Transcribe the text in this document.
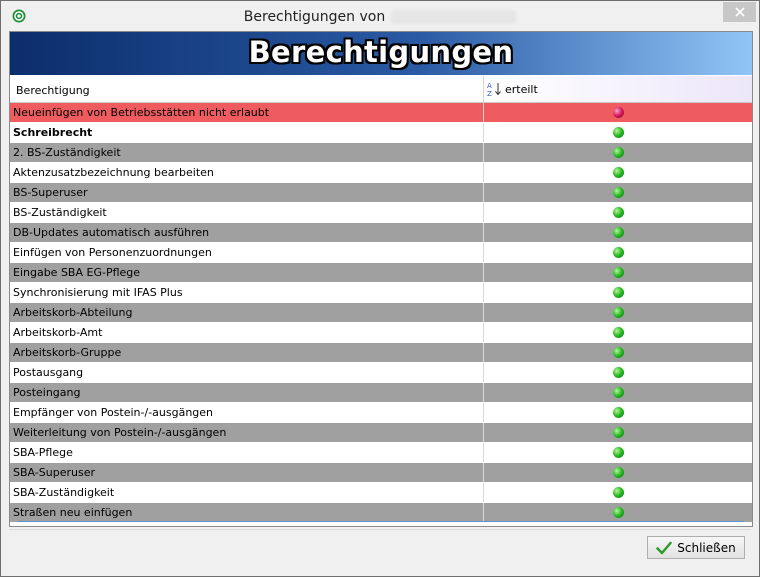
Berechtigungen von
Berechtigungen
Berechtigung	A
Z erteilt
Neueinfügen von Betriebsstätten nicht erlaubt
Schreibrecht
2. BS-Zuständigkeit
Aktenzusatzbezeichnung bearbeiten
BS-Superuser
BS-Zuständigkeit
DB-Updates automatisch ausführen
Einfügen von Personenzuordnungen
Eingabe SBA EG-Pflege
Synchronisierung mit IFAS Plus
Arbeitskorb-Abteilung
Arbeitskorb-Amt
Arbeitskorb-Gruppe
Postausgang
Posteingang
Empfänger von Postein-/-ausgängen
Weiterleitung von Postein-/-ausgängen
SBA-Pflege
SBA-Superuser
SBA-Zuständigkeit
Straßen neu einfügen
Schließen
